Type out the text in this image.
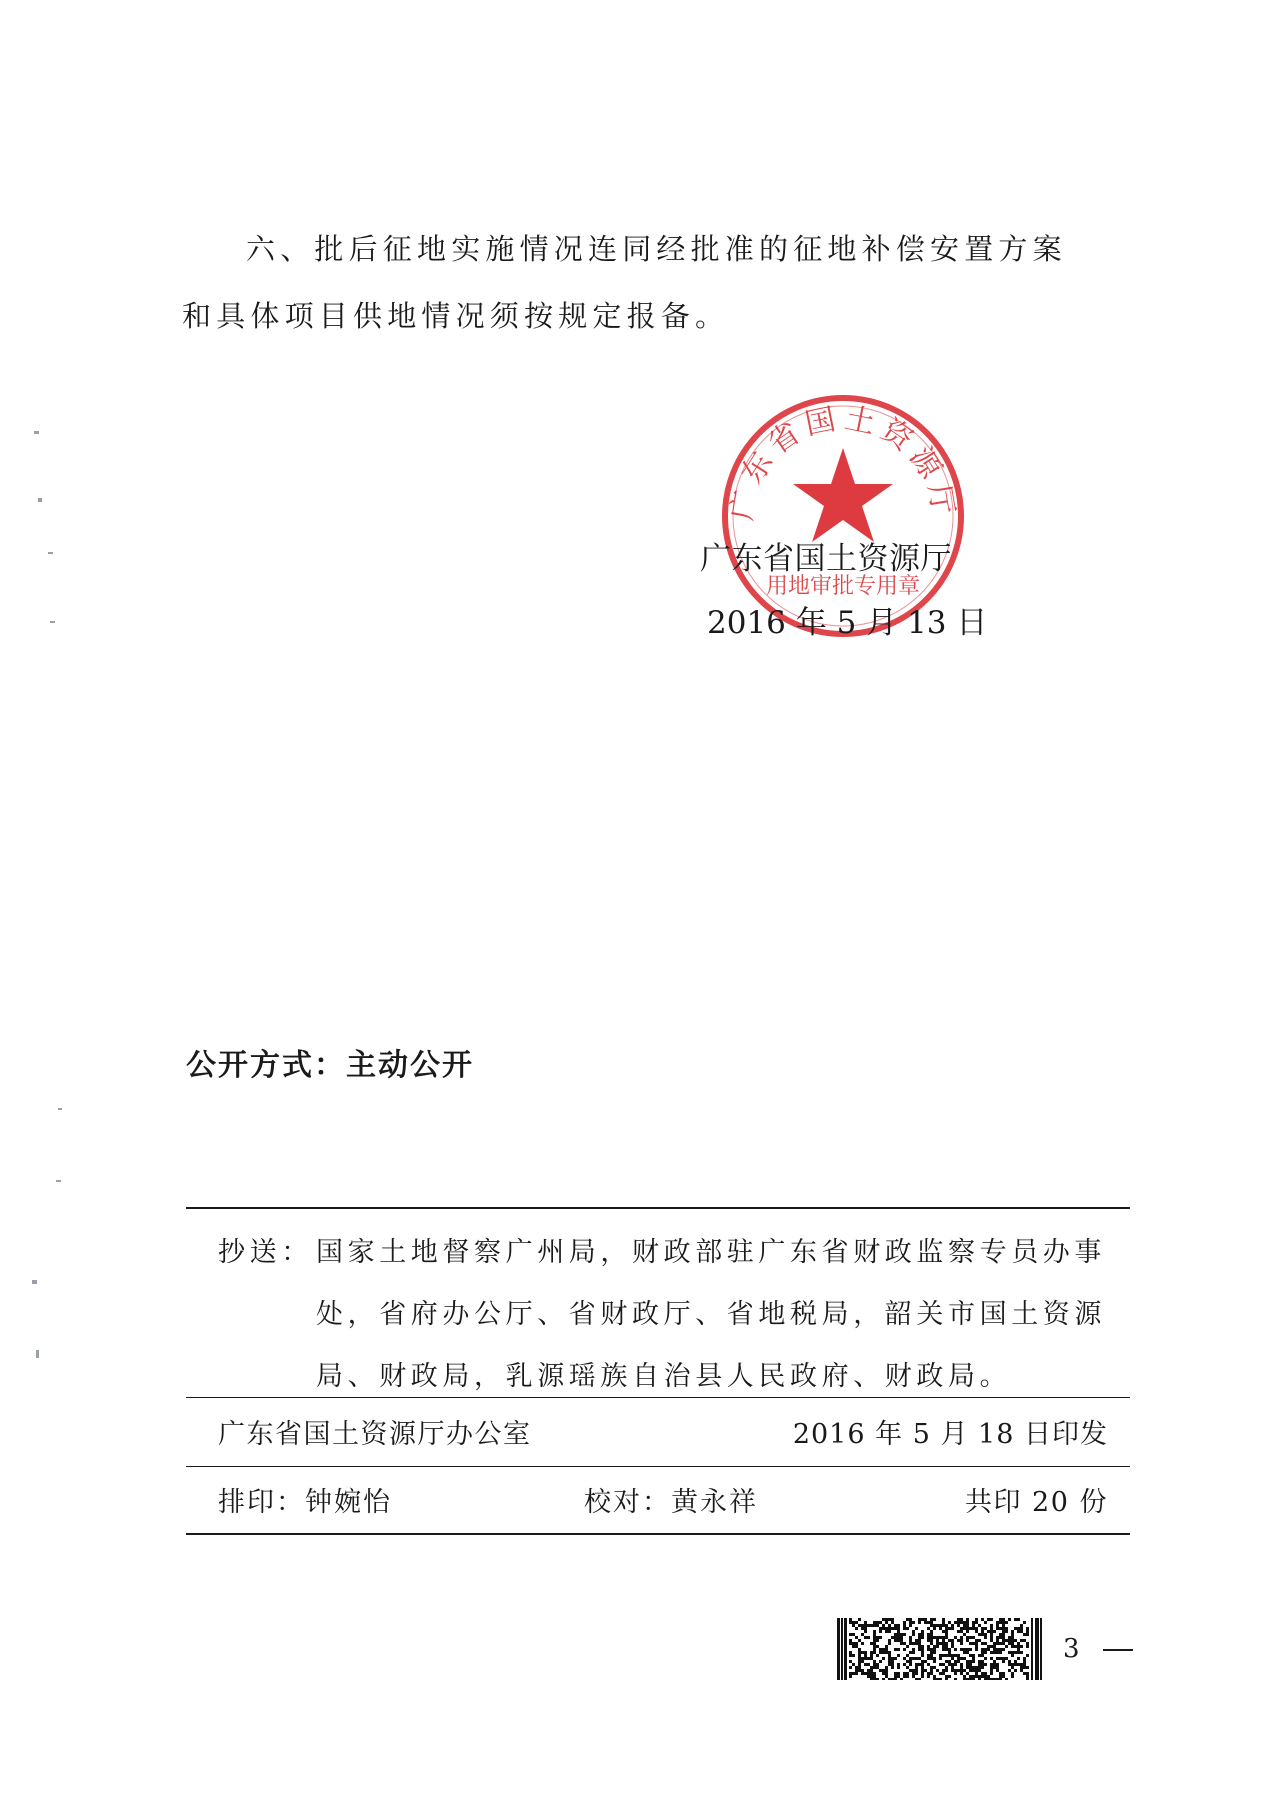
六、批后征地实施情况连同经批准的征地补偿安置方案

和具体项目供地情况须按规定报备。

广东省国土资源厅
用地审批专用章
广东省国土资源厅
2016 年 5 月 13 日
公开方式：主动公开
抄送： 国家土地督察广州局，财政部驻广东省财政监察专员办事处，省府办公厅、省财政厅、省地税局，韶关市国土资源局、财政局，乳源瑶族自治县人民政府、财政局。

广东省国土资源厅办公室	2016 年 5 月 18 日印发
排印：钟婉怡	校对：黄永祥	共印 20 份
3
